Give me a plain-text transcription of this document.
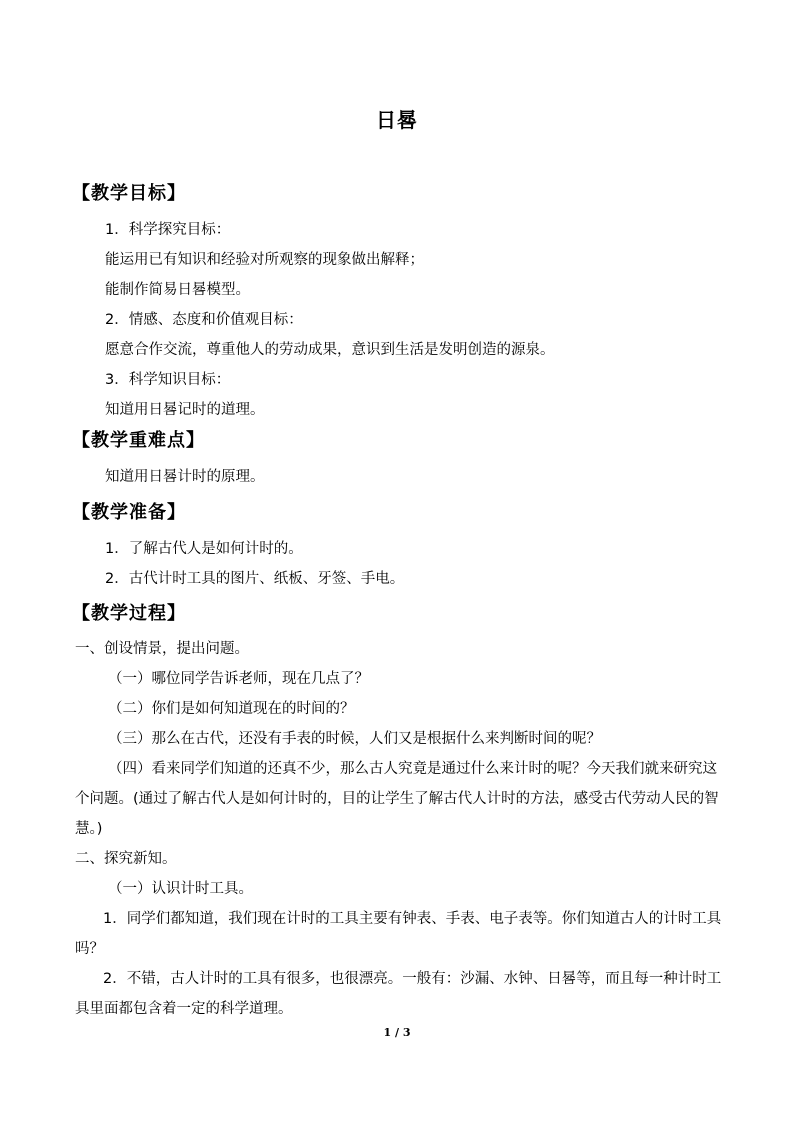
日晷
【教学目标】
1．科学探究目标：
能运用已有知识和经验对所观察的现象做出解释；
能制作简易日晷模型。
2．情感、态度和价值观目标：
愿意合作交流，尊重他人的劳动成果，意识到生活是发明创造的源泉。
3．科学知识目标：
知道用日晷记时的道理。
【教学重难点】
知道用日晷计时的原理。
【教学准备】
1．了解古代人是如何计时的。
2．古代计时工具的图片、纸板、牙签、手电。
【教学过程】
一、创设情景，提出问题。
（一）哪位同学告诉老师，现在几点了？
（二）你们是如何知道现在的时间的？
（三）那么在古代，还没有手表的时候，人们又是根据什么来判断时间的呢？
（四）看来同学们知道的还真不少，那么古人究竟是通过什么来计时的呢？今天我们就来研究这个问题。(通过了解古代人是如何计时的，目的让学生了解古代人计时的方法，感受古代劳动人民的智慧。)
二、探究新知。
（一）认识计时工具。
1．同学们都知道，我们现在计时的工具主要有钟表、手表、电子表等。你们知道古人的计时工具吗？
2．不错，古人计时的工具有很多，也很漂亮。一般有：沙漏、水钟、日晷等，而且每一种计时工具里面都包含着一定的科学道理。
1 / 3
